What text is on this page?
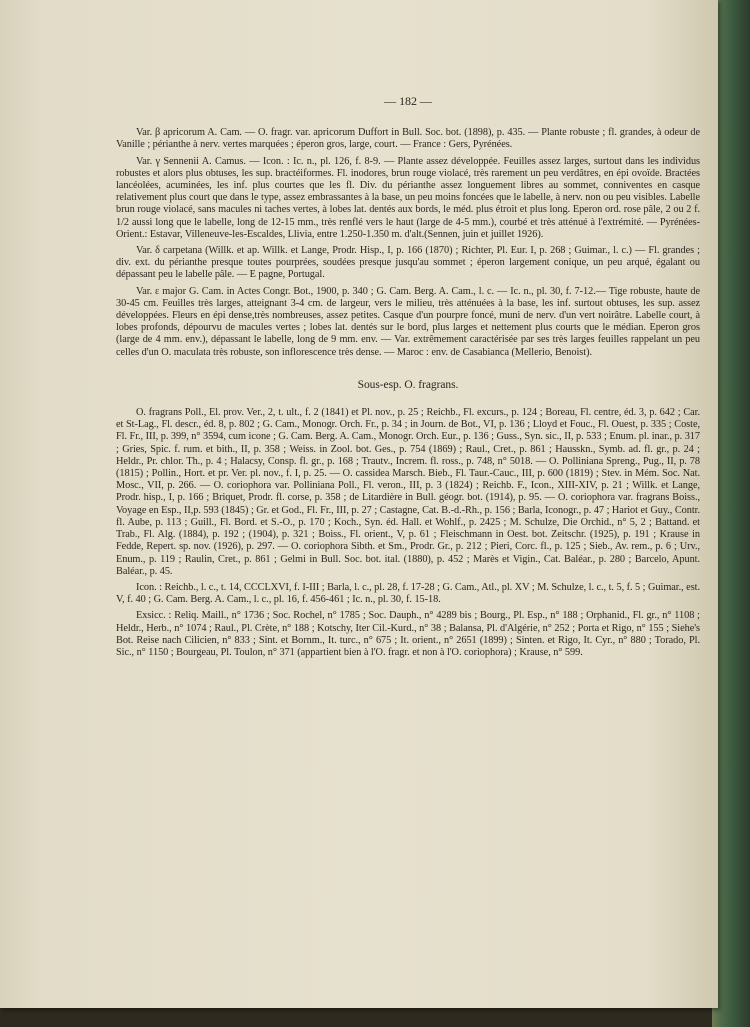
— 182 —

Var. β apricorum A. Cam. — O. fragr. var. apricorum Duffort in Bull. Soc. bot. (1898), p. 435. — Plante robuste ; fl. grandes, à odeur de Vanille ; périanthe à nerv. vertes marquées ; éperon gros, large, court. — France : Gers, Pyrénées.

Var. γ Sennenii A. Camus. — Icon. : Ic. n., pl. 126, f. 8-9. — Plante assez développée. Feuilles assez larges, surtout dans les individus robustes et alors plus obtuses, les sup. bractéiformes. Fl. inodores, brun rouge violacé, très rarement un peu verdâtres, en épi ovoïde. Bractées lancéolées, acuminées, les inf. plus courtes que les fl. Div. du périanthe assez longuement libres au sommet, conniventes en casque relativement plus court que dans le type, assez embrassantes à la base, un peu moins foncées que le labelle, à nerv. non ou peu visibles. Labelle brun rouge violacé, sans macules ni taches vertes, à lobes lat. dentés aux bords, le méd. plus étroit et plus long. Eperon ord. rose pâle, 2 ou 2 f. 1/2 aussi long que le labelle, long de 12-15 mm., très renflé vers le haut (large de 4-5 mm.), courbé et très atténué à l'extrémité. — Pyrénées-Orient.: Estavar, Villeneuve-les-Escaldes, Llivia, entre 1.250-1.350 m. d'alt.(Sennen, juin et juillet 1926).

Var. δ carpetana (Willk. et ap. Willk. et Lange, Prodr. Hisp., I, p. 166 (1870) ; Richter, Pl. Eur. I, p. 268 ; Guimar., l. c.) — Fl. grandes ; div. ext. du périanthe presque toutes pourprées, soudées presque jusqu'au sommet ; éperon largement conique, un peu arqué, égalant ou dépassant peu le labelle pâle. — E pagne, Portugal.

Var. ε major G. Cam. in Actes Congr. Bot., 1900, p. 340 ; G. Cam. Berg. A. Cam., l. c. — Ic. n., pl. 30, f. 7-12.— Tige robuste, haute de 30-45 cm. Feuilles très larges, atteignant 3-4 cm. de largeur, vers le milieu, très atténuées à la base, les inf. surtout obtuses, les sup. assez développées. Fleurs en épi dense,très nombreuses, assez petites. Casque d'un pourpre foncé, muni de nerv. d'un vert noirâtre. Labelle court, à lobes profonds, dépourvu de macules vertes ; lobes lat. dentés sur le bord, plus larges et nettement plus courts que le médian. Eperon gros (large de 4 mm. env.), dépassant le labelle, long de 9 mm. env. — Var. extrêmement caractérisée par ses très larges feuilles rappelant un peu celles d'un O. maculata très robuste, son inflorescence très dense. — Maroc : env. de Casabianca (Mellerio, Benoist).

Sous-esp. O. fragrans.

O. fragrans Poll., El. prov. Ver., 2, t. ult., f. 2 (1841) et Pl. nov., p. 25 ; Reichb., Fl. excurs., p. 124 ; Boreau, Fl. centre, éd. 3, p. 642 ; Car. et St-Lag., Fl. descr., éd. 8, p. 802 ; G. Cam., Monogr. Orch. Fr., p. 34 ; in Journ. de Bot., VI, p. 136 ; Lloyd et Fouc., Fl. Ouest, p. 335 ; Coste, Fl. Fr., III, p. 399, n° 3594, cum icone ; G. Cam. Berg. A. Cam., Monogr. Orch. Eur., p. 136 ; Guss., Syn. sic., II, p. 533 ; Enum. pl. inar., p. 317 ; Gries, Spic. f. rum. et bith., II, p. 358 ; Weiss. in Zool. bot. Ges., p. 754 (1869) ; Raul., Cret., p. 861 ; Hausskn., Symb. ad. fl. gr., p. 24 ; Heldr., Pr. chlor. Th., p. 4 ; Halacsy, Consp. fl. gr., p. 168 ; Trautv., Increm. fl. ross., p. 748, n° 5018. — O. Polliniana Spreng., Pug., II, p. 78 (1815) ; Pollin., Hort. et pr. Ver. pl. nov., f. I, p. 25. — O. cassidea Marsch. Bieb., Fl. Taur.-Cauc., III, p. 600 (1819) ; Stev. in Mém. Soc. Nat. Mosc., VII, p. 266. — O. coriophora var. Polliniana Poll., Fl. veron., III, p. 3 (1824) ; Reichb. F., Icon., XIII-XIV, p. 21 ; Willk. et Lange, Prodr. hisp., I, p. 166 ; Briquet, Prodr. fl. corse, p. 358 ; de Litardière in Bull. géogr. bot. (1914), p. 95. — O. coriophora var. fragrans Boiss., Voyage en Esp., II,p. 593 (1845) ; Gr. et God., Fl. Fr., III, p. 27 ; Castagne, Cat. B.-d.-Rh., p. 156 ; Barla, Iconogr., p. 47 ; Hariot et Guy., Contr. fl. Aube, p. 113 ; Guill., Fl. Bord. et S.-O., p. 170 ; Koch., Syn. éd. Hall. et Wohlf., p. 2425 ; M. Schulze, Die Orchid., n° 5, 2 ; Battand. et Trab., Fl. Alg. (1884), p. 192 ; (1904), p. 321 ; Boiss., Fl. orient., V, p. 61 ; Fleischmann in Oest. bot. Zeitschr. (1925), p. 191 ; Krause in Fedde, Repert. sp. nov. (1926), p. 297. — O. coriophora Sibth. et Sm., Prodr. Gr., p. 212 ; Pieri, Corc. fl., p. 125 ; Sieb., Av. rem., p. 6 ; Urv., Enum., p. 119 ; Raulin, Cret., p. 861 ; Gelmi in Bull. Soc. bot. ital. (1880), p. 452 ; Marès et Vigin., Cat. Baléar., p. 280 ; Barcelo, Apunt. Baléar., p. 45.

Icon. : Reichb., l. c., t. 14, CCCLXVI, f. I-III ; Barla, l. c., pl. 28, f. 17-28 ; G. Cam., Atl., pl. XV ; M. Schulze, l. c., t. 5, f. 5 ; Guimar., est. V, f. 40 ; G. Cam. Berg. A. Cam., l. c., pl. 16, f. 456-461 ; Ic. n., pl. 30, f. 15-18.

Exsicc. : Reliq. Maill., n° 1736 ; Soc. Rochel, n° 1785 ; Soc. Dauph., n° 4289 bis ; Bourg., Pl. Esp., n° 188 ; Orphanid., Fl. gr., n° 1108 ; Heldr., Herb., n° 1074 ; Raul., Pl. Crète, n° 188 ; Kotschy, Iter Cil.-Kurd., n° 38 ; Balansa, Pl. d'Algérie, n° 252 ; Porta et Rigo, n° 155 ; Siehe's Bot. Reise nach Cilicien, n° 833 ; Sint. et Bornm., It. turc., n° 675 ; It. orient., n° 2651 (1899) ; Sinten. et Rigo, It. Cyr., n° 880 ; Torado, Pl. Sic., n° 1150 ; Bourgeau, Pl. Toulon, n° 371 (appartient bien à l'O. fragr. et non à l'O. coriophora) ; Krause, n° 599.
